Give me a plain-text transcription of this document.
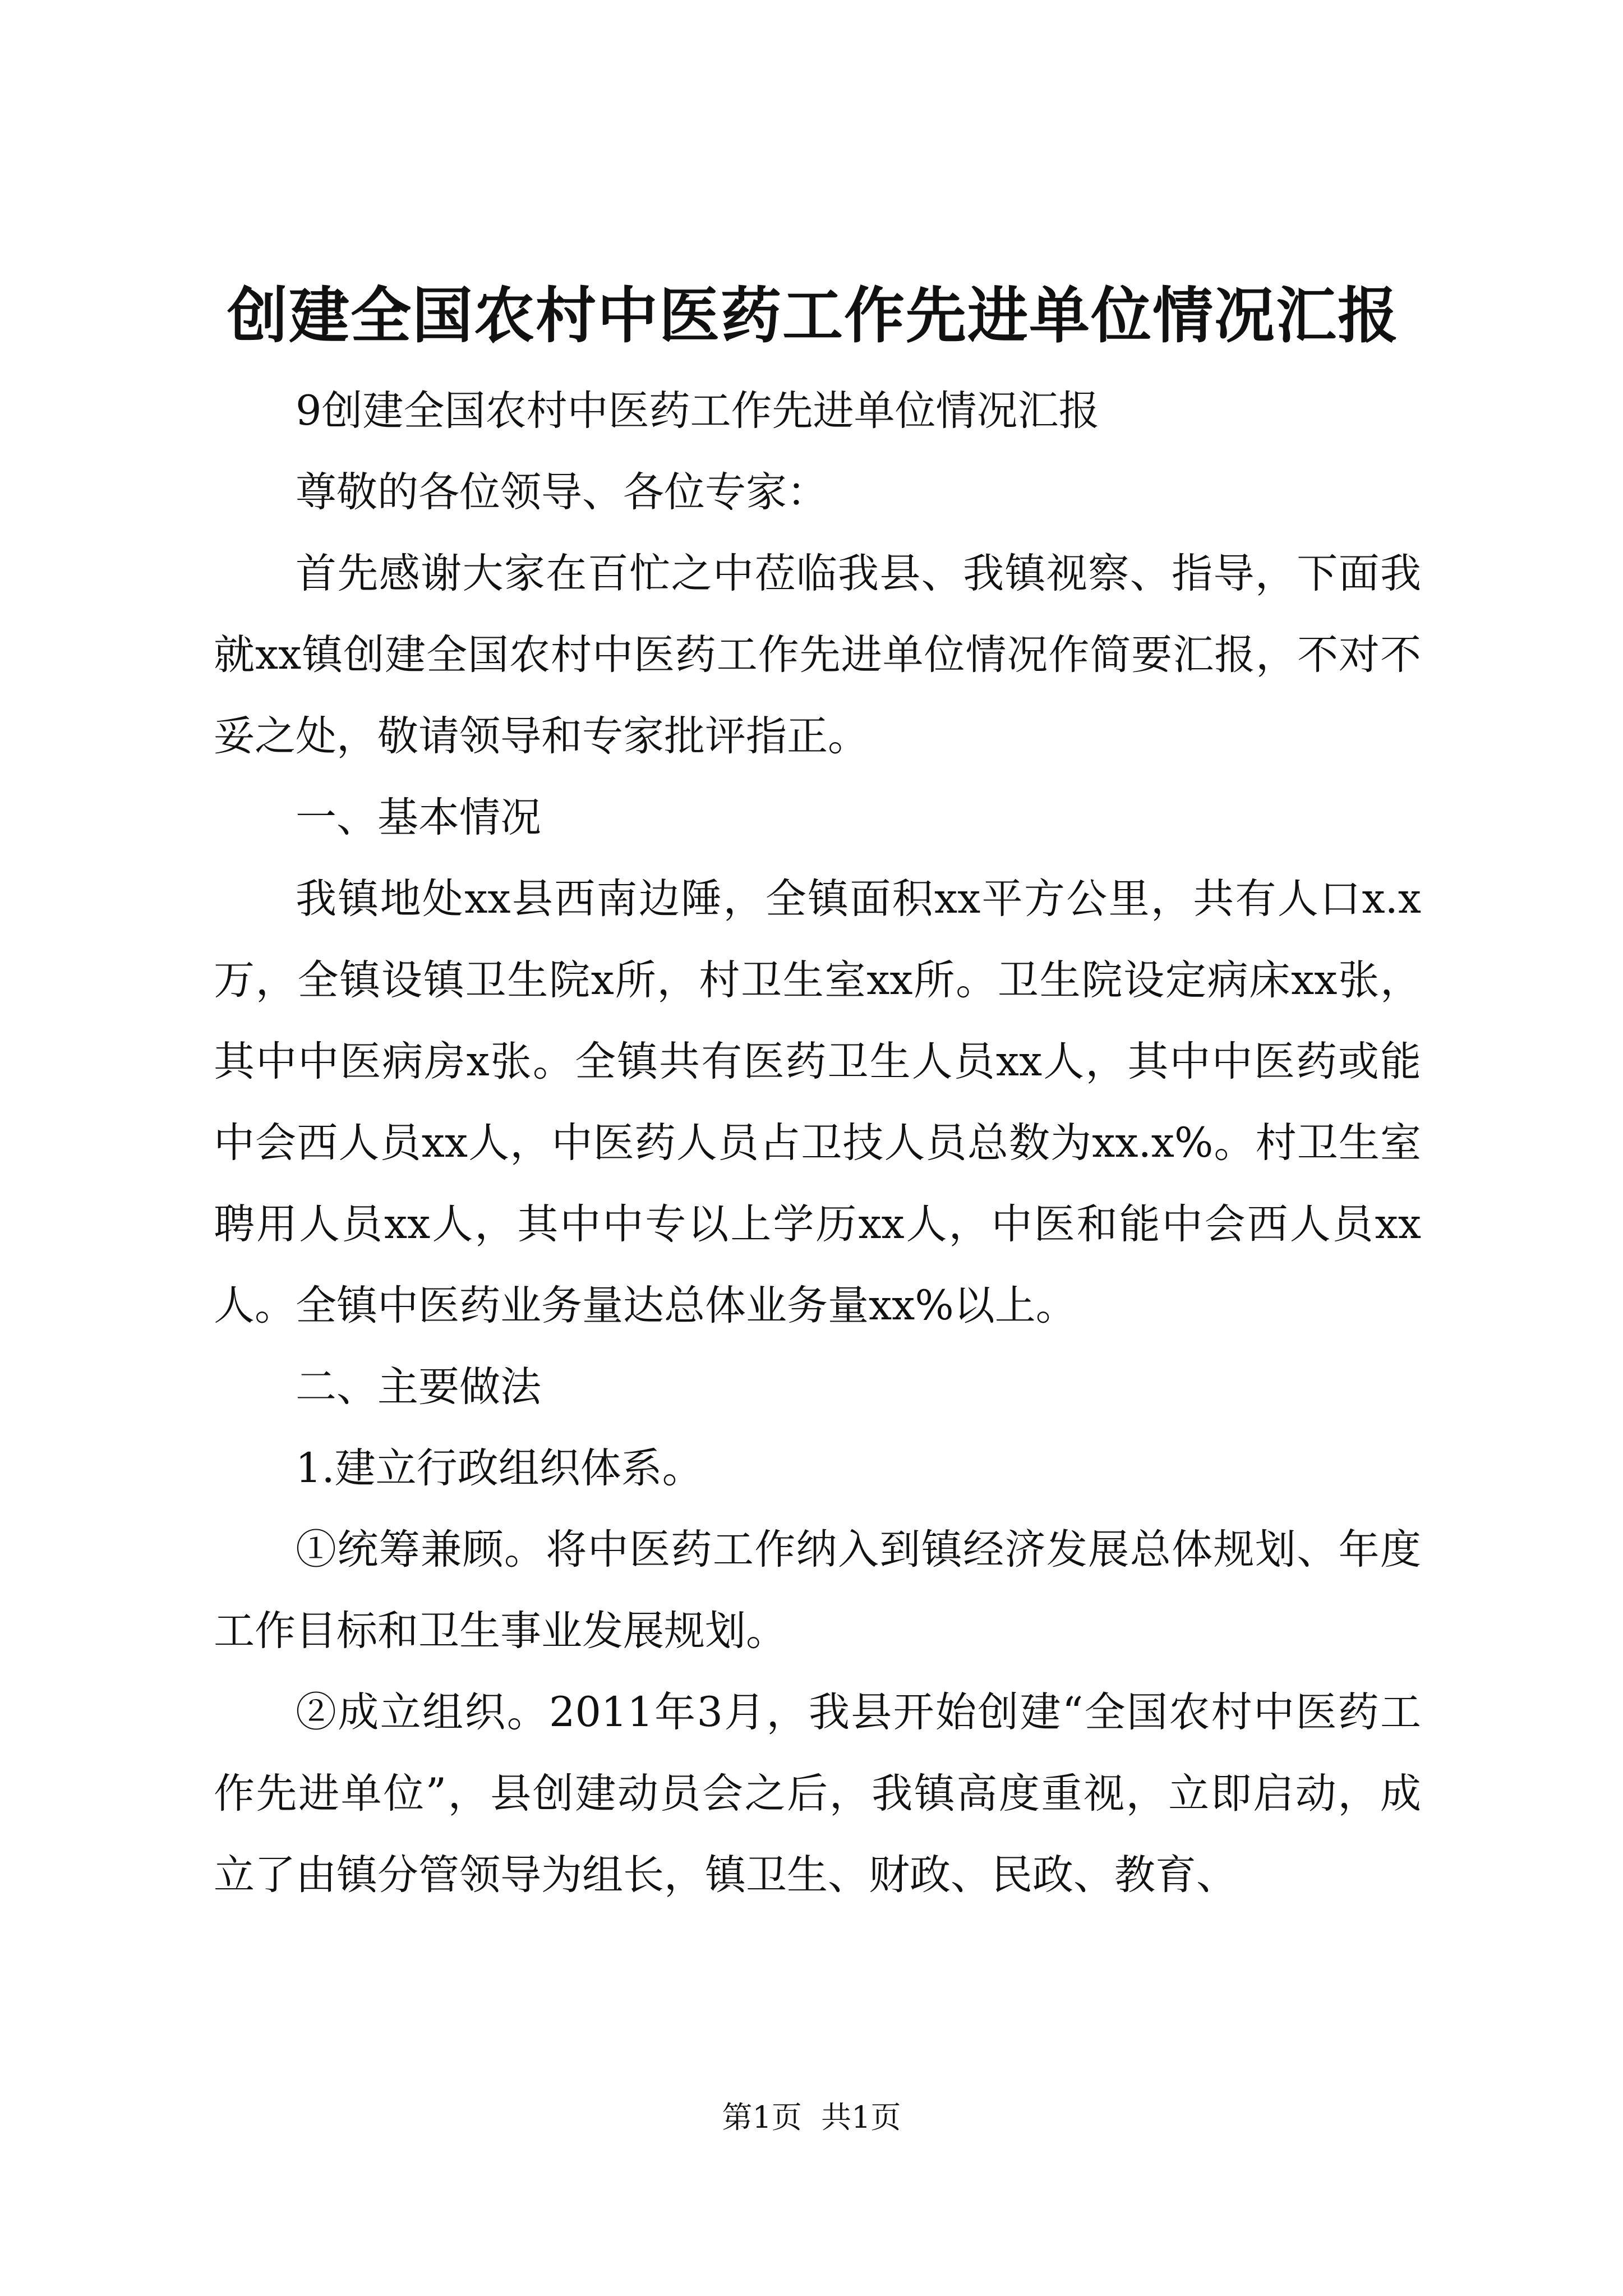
创建全国农村中医药工作先进单位情况汇报

9创建全国农村中医药工作先进单位情况汇报

尊敬的各位领导、各位专家：

首先感谢大家在百忙之中莅临我县、我镇视察、指导，下面我就xx镇创建全国农村中医药工作先进单位情况作简要汇报，不对不妥之处，敬请领导和专家批评指正。

一、基本情况

我镇地处xx县西南边陲，全镇面积xx平方公里，共有人口x.x万，全镇设镇卫生院x所，村卫生室xx所。卫生院设定病床xx张，其中中医病房x张。全镇共有医药卫生人员xx人，其中中医药或能中会西人员xx人，中医药人员占卫技人员总数为xx.x%。村卫生室聘用人员xx人，其中中专以上学历xx人，中医和能中会西人员xx人。全镇中医药业务量达总体业务量xx%以上。

二、主要做法

1.建立行政组织体系。

①统筹兼顾。将中医药工作纳入到镇经济发展总体规划、年度工作目标和卫生事业发展规划。

②成立组织。2011年3月，我县开始创建“全国农村中医药工作先进单位”，县创建动员会之后，我镇高度重视，立即启动，成立了由镇分管领导为组长，镇卫生、财政、民政、教育、

第1页  共1页
